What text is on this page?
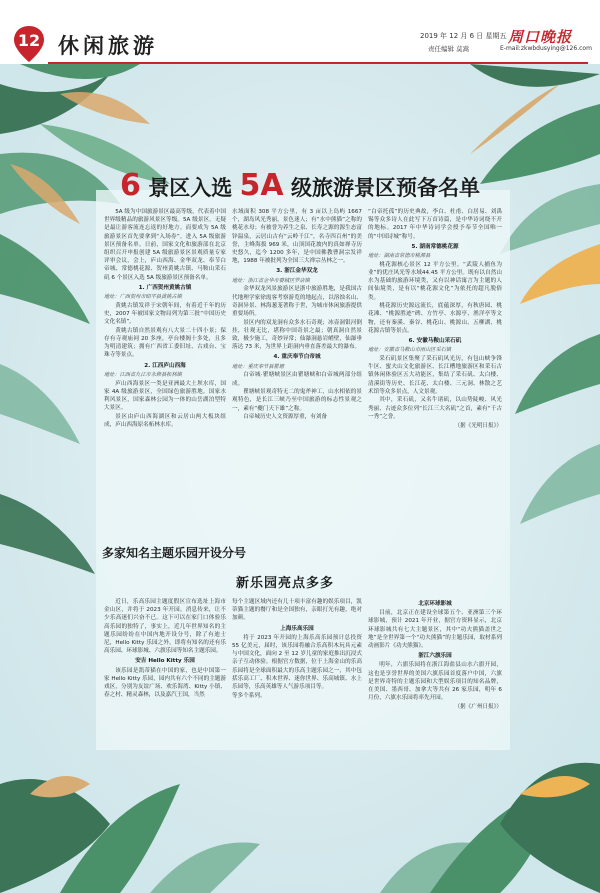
12 休闲旅游	2019 年 12 月 6 日 星期五
责任编辑 莫嵩
周口晚报
E-mail:zkwbdusying@126.com
6 景区入选 5A 级旅游景区预备名单

5A 级为中国旅游景区最高等级，代表着中国世界级精品的旅游风景区等级。5A 级景区，无疑是最让游客流连忘返的好地方。而要成为 5A 级旅游景区首先要拿到“入场券”，进入 5A 级旅游景区预备名单。日前，国家文化和旅游部在北京组织召开申报创建 5A 级旅游景区景观质量专家评审会议，会上，庐山西海、金华双龙、奉节白帝城、常德桃花源、贺州黄姚古镇、马鞍山采石矶 6 个景区入选 5A 级旅游景区预备名单。

1. 广西贺州黄姚古镇

地址：广西贺州市昭平县黄姚古镇

黄姚古镇发祥于宋朝年间，有着近千年的历史，2007 年被国家文物局列为第三批“中国历史文化名镇”。

黄姚古镇自然景观有八大景二十四小景；保存有寺观庙祠 20 多座，亭台楼阁十多处，且多为明清建筑；拥有广西省工委旧址、古戏台、宝珠寺等景点。

2. 江西庐山西海

地址：江西省九江市永修县柘林镇

庐山西海景区一类是亚洲最大土坝水库，国家 4A 级旅游景区，全国绿色旅游胜地。国家水利风景区，国家森林公园为一体的山岳湖泊型特大景区。

景区由庐山西海湖区和云居山两大板块组成，庐山西海原名柘林水库。

水域面积 308 平方公里，有 3 亩以上岛屿 1667 个，湖岛风光秀丽，景色迷人；有“水中熊猫”之称的桃花水母；有被誉为养生之泉、长寿之源的源生态富锌温泉，云居山古有“云岭千江”，名寺四百州”的美誉，主峰海拔 969 米，山顶国花坡内的真如禅寺历史悠久，迄今 1200 多年，是中国佛教曹洞宗发祥地，1988 年被批列为全国三大禅宗丛林之一。

3. 浙江金华双龙

地址：浙江省金华市婺城区罗店镇

金华双龙风景旅游区是浙中旅游胜地，是我国古代地理学家徐霞客考察游览的地起点，以溶蚀名山、奇洞异景、林海葱茏著称于世，为城市休闲旅游提供重要场所。

景区内的双龙洞有众多水石奇观；冰壶洞银河倒挂，壮观无比，堪称中国奇景之最；朝真洞自然景致，极少施工，奇妙异常；仙瀑洞悬岩峭壁，仙瀑垂落达 73 米，为世界上距洞内垂直落差最大的瀑布。

4. 重庆奉节白帝城

地址：重庆奉节县瞿塘

白帝城·瞿塘峡景区由瞿塘峡和白帝城两部分组成。

瞿塘峡景观奇特无二的鬼斧神工，山水相依的景观特色，是长江三峡乃至中国旅游的标志性景观之一，素有“夔门天下雄”之称。

白帝城历史人文资源厚重，有刘备

“白帝托孤”的历史典故，李白、杜甫、白居易、刘禹锡等众多诗人在此写下万首诗篇，是中华诗词绕不开的地标。2017 年中华诗词学会授予奉节全国唯一的“中国诗城”称号。

5. 湖南常德桃花源

地址：湖南省常德市桃源县

桃花源核心景区 12 平方公里，“武陵人捕鱼为业”的优庄风光等水域44.45 平方公里。既有以自然山水为基础的旅游环境类，又有以神话寓言为主题的人间仙境类，是有以“桃花源文化”为依托的超凡脱俗类。

桃花源历史源远流长，底蕴深厚，有秋唐园、桃花滩、“桃源胜迹”碑、方竹亭、水源亭、渔洋亭等文物，还有秦溪、秦谷、桃花山、桃源山、五柳湖、桃花源古镇等景点。

6. 安徽马鞍山采石矶

地址：安徽省马鞍山市雨山区采石镇

采石矶景区集聚了采石矶风光历，有包山峡争锋牛区、蜜夫山文化旅游区、长江槽地旅游区和采石古镇休闲体验区五大功能区，集结了采石矶、太白楼、清溪街等历史、长江花、太白楼、三元洞、林散之艺术馆等众多景点，人文景观。

其中，采石矶，又名牛诸矶，以山势陡峻、风光秀丽、古迹众多位列“长江三大名矶”之首，素有“千古一秀”之誉。

（据《光明日报》）

多家知名主题乐园开设分号
新乐园亮点多多

近日，乐高乐园主题度假区宣布选址上海市金山区，并将于 2023 年开园。消息传来，让不少乐高迷们兴奋不已。这下可以在家门口体验乐高乐园的独特了，事实上，近几年世界知名的主题乐园纷纷在中国内地开设分号，除了有迪士尼，Hello Kitty 乐园之外，即将有知名的还有乐高乐园、环球影城、六旗乐园等知名主题乐园。

安吉 Hello Kitty 乐园

该乐园是凯蒂猫在中国的家，也是中国第一家 Hello Kitty 乐园，园内共有六个不同的主题游戏区，分别为友谊广场、欢乐海湾、Kitty 小镇、春之村、精灵森林，以及嘉汽王国，当然

每个主题区域内还有几十项丰富有趣的娱乐项目，凯蒂猫主题的餐厅和是全国独有，亲眼打光有趣，绝对加颜。

上海乐高乐园

将于 2023 年开园的上海乐高乐园预计总投资 55 亿美元，届时，该乐园将融合乐高积木玩具元素与中国文化，面向 2 至 12 岁儿童的家庭推出沉浸式亲子互动体验。根据官方数据，位于上海金山的乐高乐园将是全球面积最大的乐高主题乐园之一，其中包括乐高工厂、积木世界、迷你世界、乐高城镇、水上乐园等，乐高英雄等人气游乐项目等。

等多个系列。

北京环球影城

目前，北京正在建设全球第五个、亚洲第三个环球影城，预计 2021 年开业，据官方资料显示，北京环球影城共有七大主题景区，其中“功夫熊猫盖世之地”是全世界第一个“功夫熊猫”的主题乐园，取材系列动画影片《功夫熊猫》。

浙江六旗乐园

明年，六旗乐园将在浙江海盐县山水六旗开园，这也是享誉世界的美国六旗乐园首度落户中国，六旗是世界奇特的主题乐园和大型娱乐项目的知名品牌，在美国、墨西哥、加拿大等共有 26 家乐园，明年 6 月份，六旗水乐园将率先开园。

（据《广州日报》）
